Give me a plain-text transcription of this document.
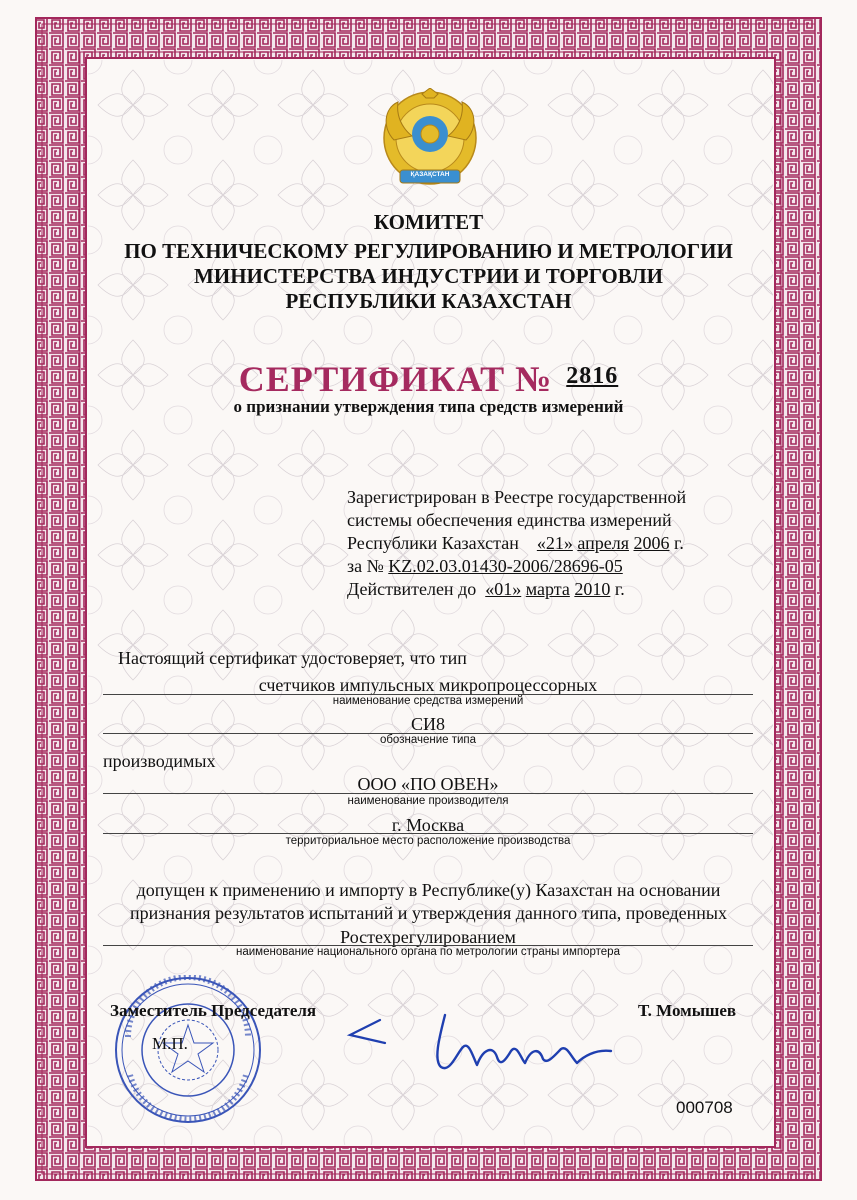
ҚАЗАҚСТАН
КОМИТЕТ
ПО ТЕХНИЧЕСКОМУ РЕГУЛИРОВАНИЮ И МЕТРОЛОГИИ
МИНИСТЕРСТВА ИНДУСТРИИ И ТОРГОВЛИ
РЕСПУБЛИКИ КАЗАХСТАН
СЕРТИФИКАТ № $^{2816}$
о признании утверждения типа средств измерений
Зарегистрирован в Реестре государственной
системы обеспечения единства измерений
Республики Казахстан «21» апреля 2006 г.
за № KZ.02.03.01430-2006/28696-05
Действителен до «01» марта 2010 г.
Настоящий сертификат удостоверяет, что тип
счетчиков импульсных микропроцессорных
наименование средства измерений
СИ8
обозначение типа
производимых
ООО «ПО ОВЕН»
наименование производителя
г. Москва
территориальное место расположение производства
допущен к применению и импорту в Республике(у) Казахстан на основании
признания результатов испытаний и утверждения данного типа, проведенных
Ростехрегулированием
наименование национального органа по метрологии страны импортера
Заместитель Председателя
М.П.
Т. Момышев
000708
